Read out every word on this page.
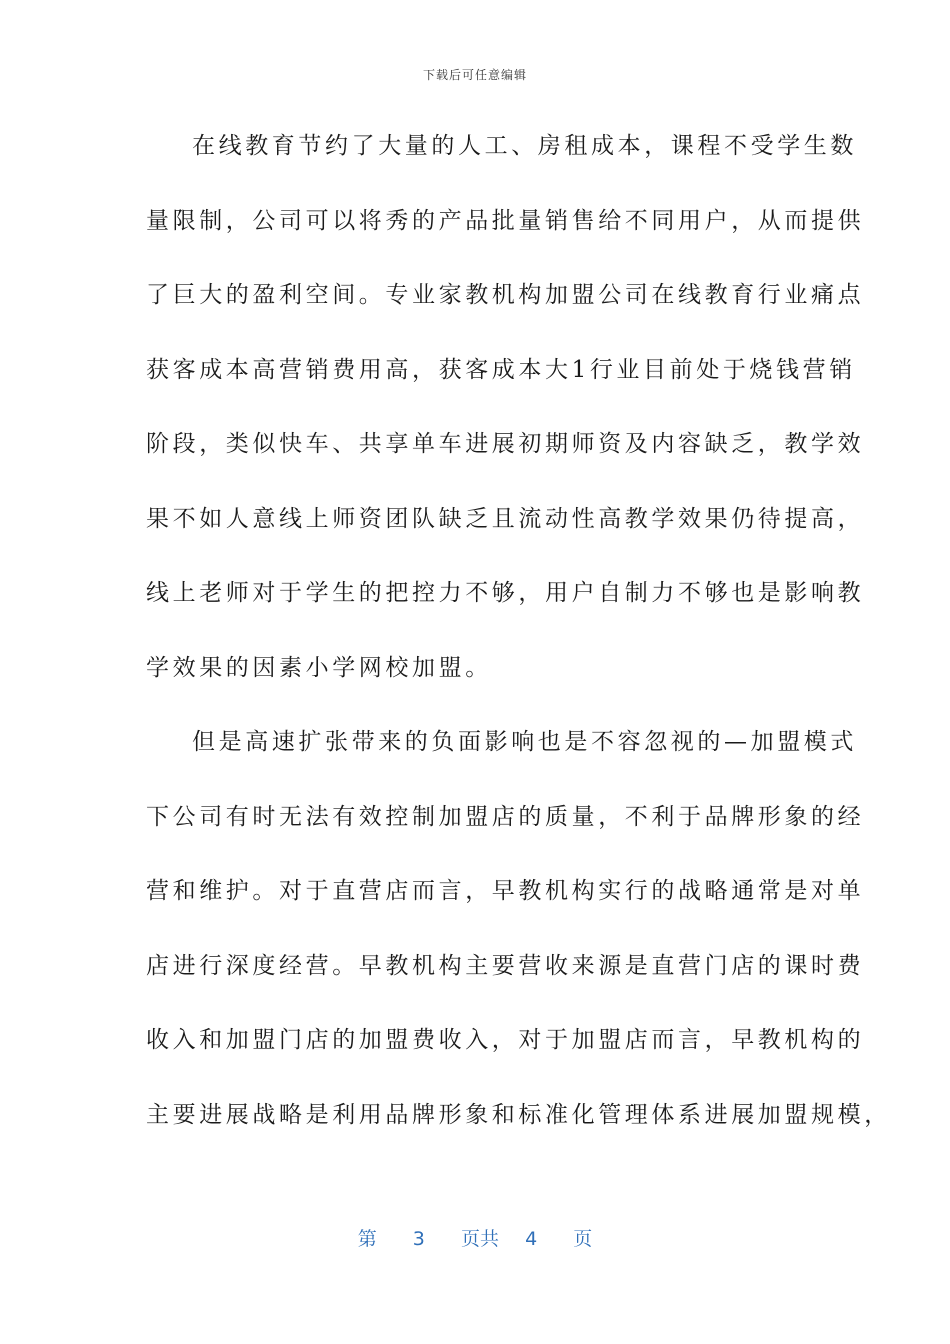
下载后可任意编辑
在线教育节约了大量的人工、房租成本，课程不受学生数
量限制，公司可以将秀的产品批量销售给不同用户，从而提供
了巨大的盈利空间。专业家教机构加盟公司在线教育行业痛点
获客成本高营销费用高，获客成本大1行业目前处于烧钱营销
阶段，类似快车、共享单车进展初期师资及内容缺乏，教学效
果不如人意线上师资团队缺乏且流动性高教学效果仍待提高，
线上老师对于学生的把控力不够，用户自制力不够也是影响教
学效果的因素小学网校加盟。
但是高速扩张带来的负面影响也是不容忽视的—加盟模式
下公司有时无法有效控制加盟店的质量，不利于品牌形象的经
营和维护。对于直营店而言，早教机构实行的战略通常是对单
店进行深度经营。早教机构主要营收来源是直营门店的课时费
收入和加盟门店的加盟费收入，对于加盟店而言，早教机构的
主要进展战略是利用品牌形象和标准化管理体系进展加盟规模，
第 3 页共 4 页
